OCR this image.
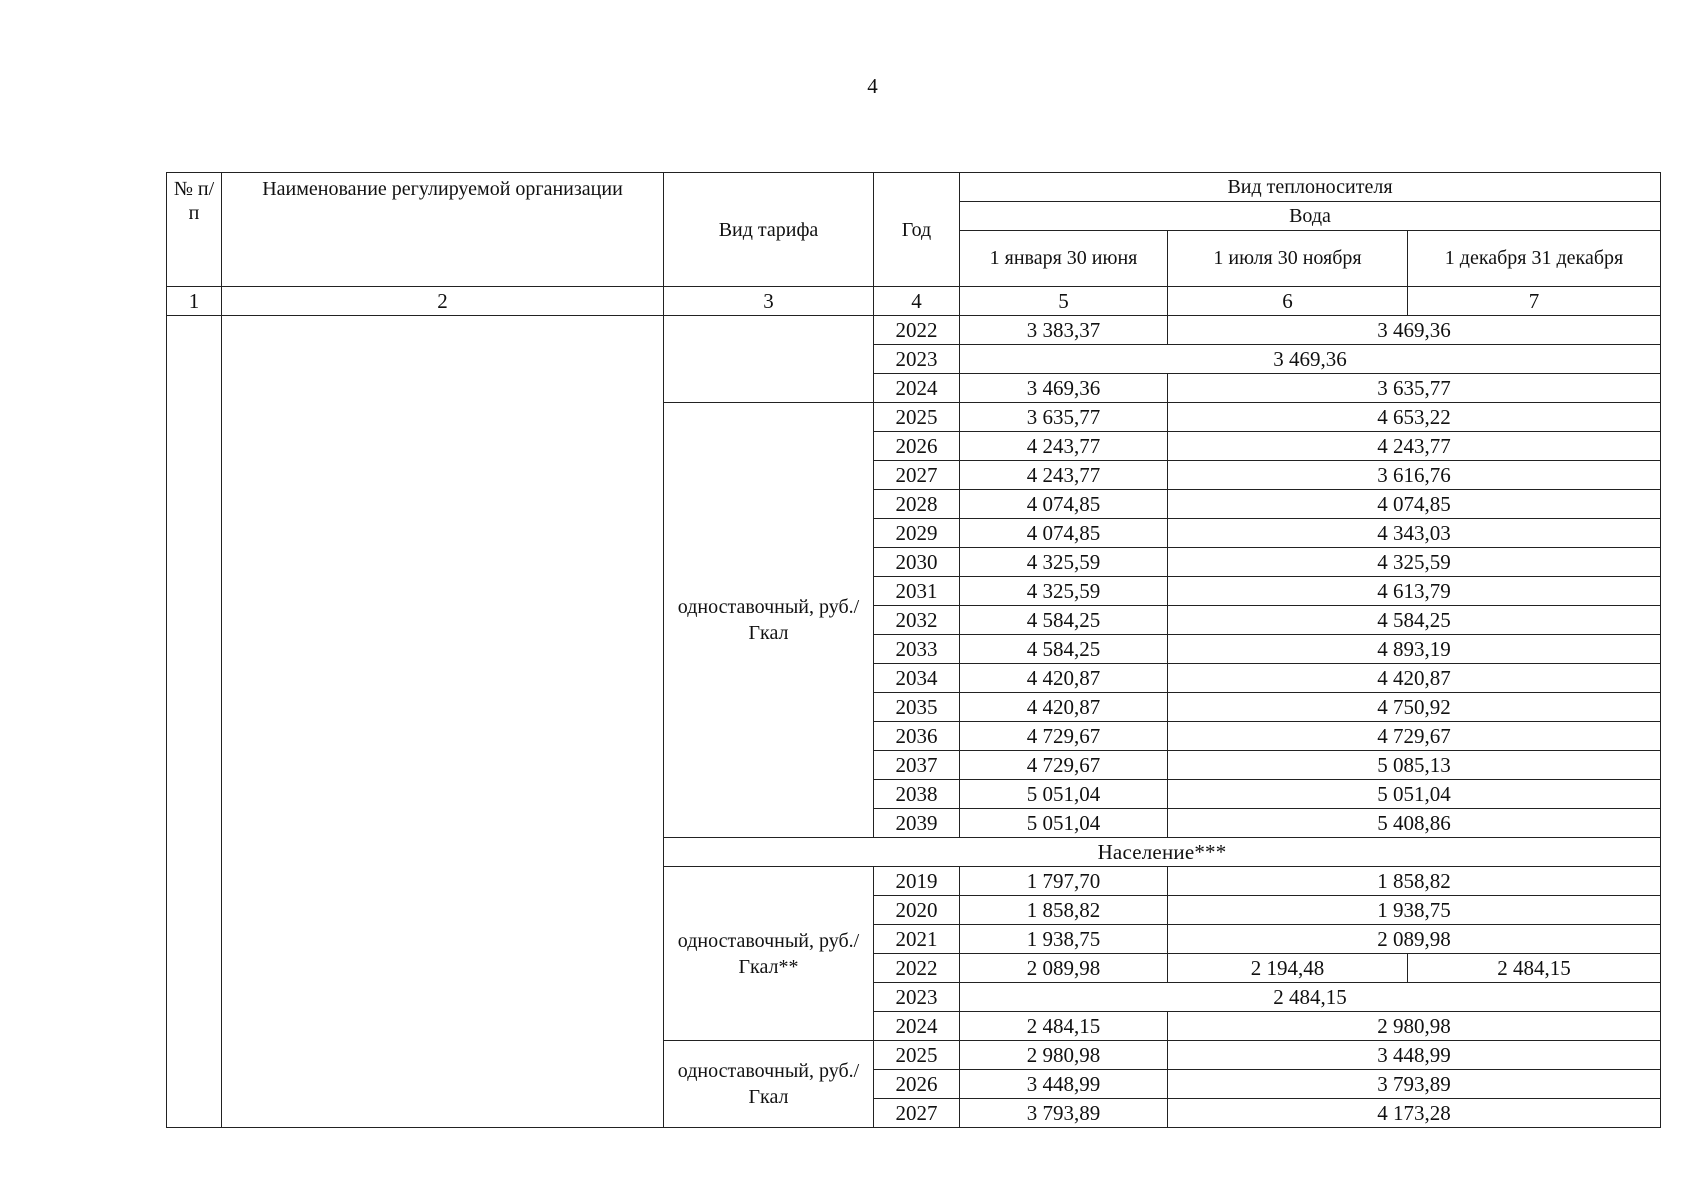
4
№ п/п	Наименование регулируемой организации	Вид тарифа	Год	Вид теплоносителя		
				Вода		
				1 января 30 июня	1 июля 30 ноября	1 декабря 31 декабря
1	2	3	4	5	6	7
			2022	3 383,37	3 469,36	
			2023	3 469,36		
			2024	3 469,36	3 635,77	
		одноставочный, руб./Гкал	2025	3 635,77	4 653,22	
			2026	4 243,77	4 243,77	
			2027	4 243,77	3 616,76	
			2028	4 074,85	4 074,85	
			2029	4 074,85	4 343,03	
			2030	4 325,59	4 325,59	
			2031	4 325,59	4 613,79	
			2032	4 584,25	4 584,25	
			2033	4 584,25	4 893,19	
			2034	4 420,87	4 420,87	
			2035	4 420,87	4 750,92	
			2036	4 729,67	4 729,67	
			2037	4 729,67	5 085,13	
			2038	5 051,04	5 051,04	
			2039	5 051,04	5 408,86	
		Население***				
		одноставочный, руб./Гкал**	2019	1 797,70	1 858,82	
			2020	1 858,82	1 938,75	
			2021	1 938,75	2 089,98	
			2022	2 089,98	2 194,48	2 484,15
			2023	2 484,15		
			2024	2 484,15	2 980,98	
		одноставочный, руб./Гкал	2025	2 980,98	3 448,99	
			2026	3 448,99	3 793,89	
			2027	3 793,89	4 173,28	
